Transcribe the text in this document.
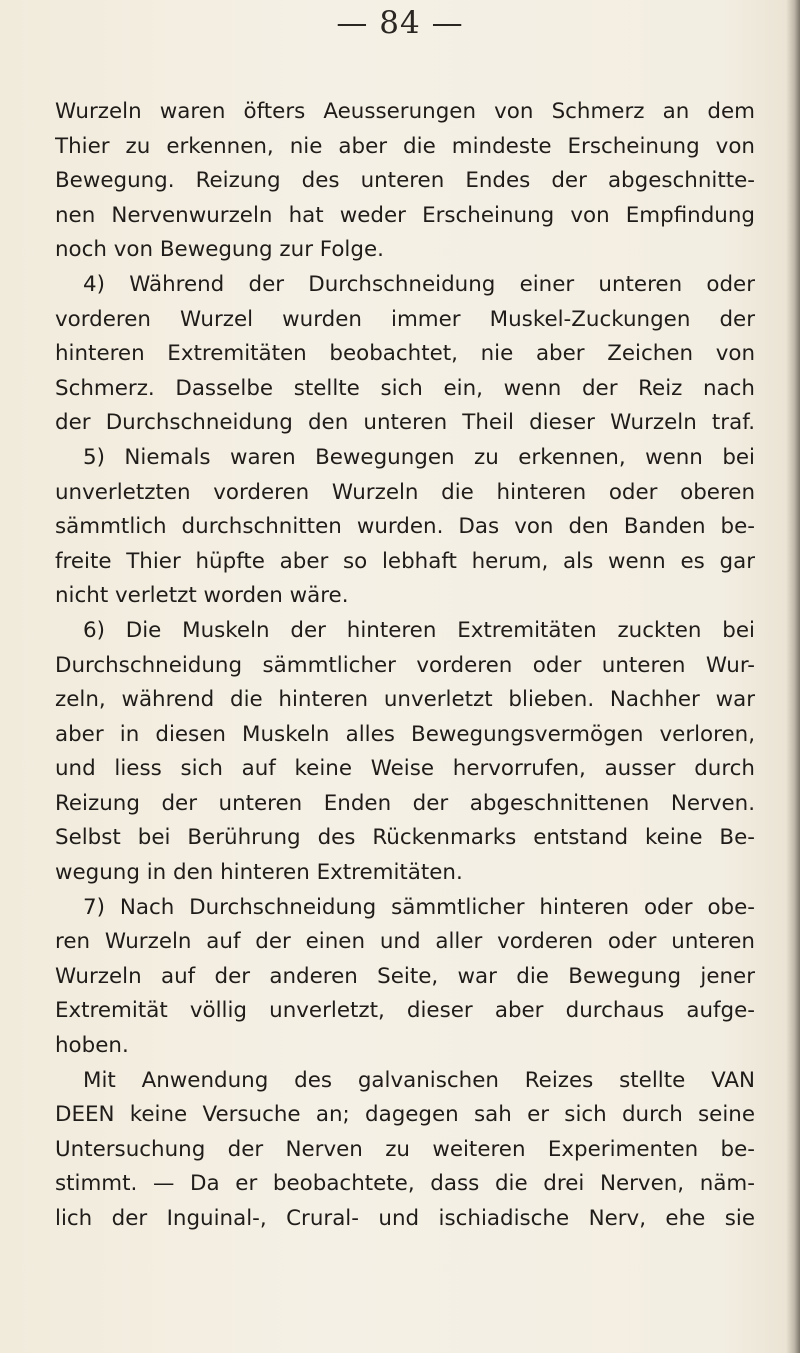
— 84 —
Wurzeln waren öfters Aeusserungen von Schmerz an dem
Thier zu erkennen, nie aber die mindeste Erscheinung von
Bewegung. Reizung des unteren Endes der abgeschnitte-
nen Nervenwurzeln hat weder Erscheinung von Empfindung
noch von Bewegung zur Folge.
4) Während der Durchschneidung einer unteren oder
vorderen Wurzel wurden immer Muskel-Zuckungen der
hinteren Extremitäten beobachtet, nie aber Zeichen von
Schmerz. Dasselbe stellte sich ein, wenn der Reiz nach
der Durchschneidung den unteren Theil dieser Wurzeln traf.
5) Niemals waren Bewegungen zu erkennen, wenn bei
unverletzten vorderen Wurzeln die hinteren oder oberen
sämmtlich durchschnitten wurden. Das von den Banden be-
freite Thier hüpfte aber so lebhaft herum, als wenn es gar
nicht verletzt worden wäre.
6) Die Muskeln der hinteren Extremitäten zuckten bei
Durchschneidung sämmtlicher vorderen oder unteren Wur-
zeln, während die hinteren unverletzt blieben. Nachher war
aber in diesen Muskeln alles Bewegungsvermögen verloren,
und liess sich auf keine Weise hervorrufen, ausser durch
Reizung der unteren Enden der abgeschnittenen Nerven.
Selbst bei Berührung des Rückenmarks entstand keine Be-
wegung in den hinteren Extremitäten.
7) Nach Durchschneidung sämmtlicher hinteren oder obe-
ren Wurzeln auf der einen und aller vorderen oder unteren
Wurzeln auf der anderen Seite, war die Bewegung jener
Extremität völlig unverletzt, dieser aber durchaus aufge-
hoben.
Mit Anwendung des galvanischen Reizes stellte VAN
DEEN keine Versuche an; dagegen sah er sich durch seine
Untersuchung der Nerven zu weiteren Experimenten be-
stimmt. — Da er beobachtete, dass die drei Nerven, näm-
lich der Inguinal-, Crural- und ischiadische Nerv, ehe sie
